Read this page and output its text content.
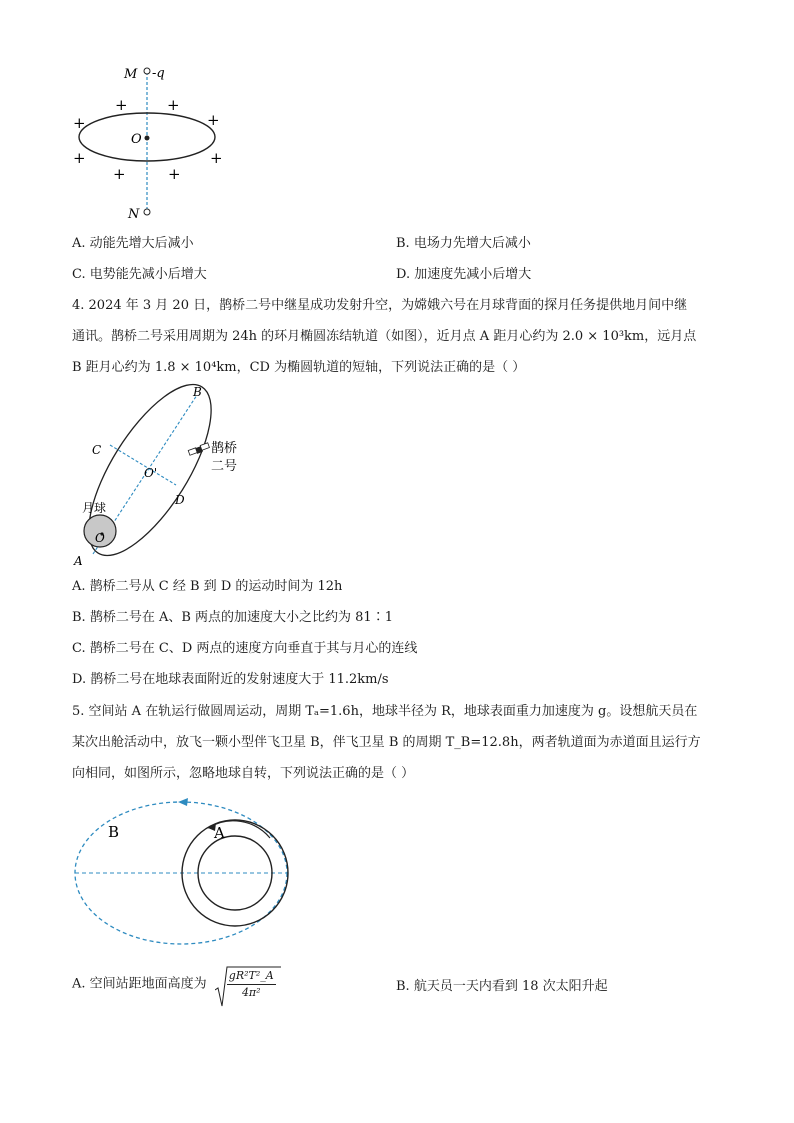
M -q
O
N
+	+
+	+
+	+
+	+
A. 动能先增大后减小	B. 电场力先增大后减小
C. 电势能先减小后增大	D. 加速度先减小后增大
4. 2024 年 3 月 20 日，鹊桥二号中继星成功发射升空，为嫦娥六号在月球背面的探月任务提供地月间中继
通讯。鹊桥二号采用周期为 24h 的环月椭圆冻结轨道（如图），近月点 A 距月心约为 2.0 × 10³km，远月点
B 距月心约为 1.8 × 10⁴km，CD 为椭圆轨道的短轴，下列说法正确的是（ ）
B
C
O'
D
月球
O
A
鹊桥
二号
A. 鹊桥二号从 C 经 B 到 D 的运动时间为 12h
B. 鹊桥二号在 A、B 两点的加速度大小之比约为 81∶1
C. 鹊桥二号在 C、D 两点的速度方向垂直于其与月心的连线
D. 鹊桥二号在地球表面附近的发射速度大于 11.2km/s
5. 空间站 A 在轨运行做圆周运动，周期 Tₐ=1.6h，地球半径为 R，地球表面重力加速度为 g。设想航天员在
某次出舱活动中，放飞一颗小型伴飞卫星 B，伴飞卫星 B 的周期 T_B=12.8h，两者轨道面为赤道面且运行方
向相同，如图所示，忽略地球自转，下列说法正确的是（ ）
B	A
A. 空间站距地面高度为 $\frac{\text{gR²T²\_A}}{\text{4π²}}$	B. 航天员一天内看到 18 次太阳升起
